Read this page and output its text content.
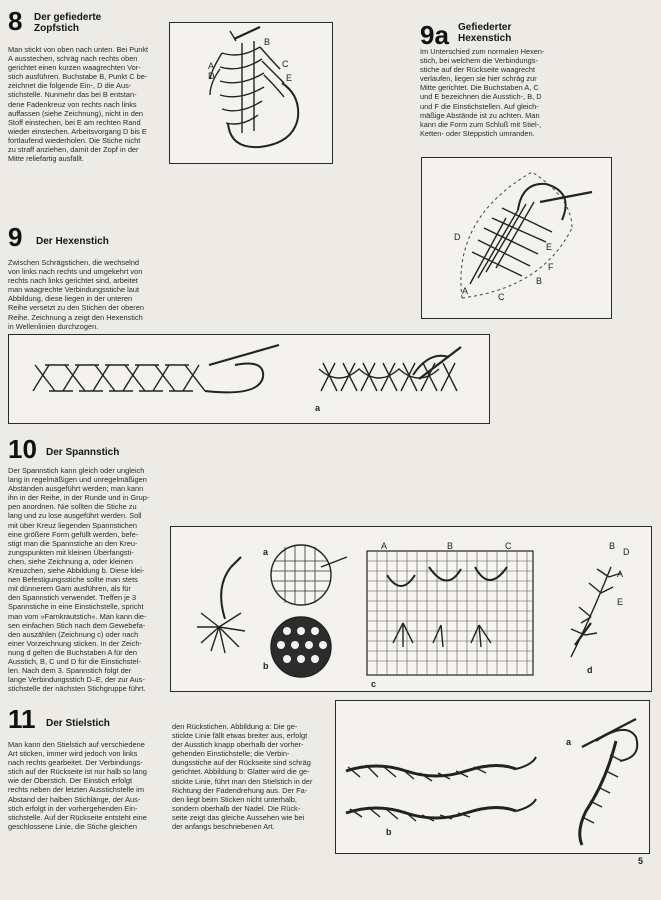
8 Der gefiederte
Zopfstich
Man stickt von oben nach unten. Bei Punkt
A ausstechen, schräg nach rechts oben
gerichtet einen kurzen waagrechten Vor-
stich ausführen. Buchstabe B, Punkt C be-
zeichnet die folgende Ein-, D die Aus-
stichstelle. Nunmehr das bei B entstan-
dene Fadenkreuz von rechts nach links
auffassen (siehe Zeichnung), nicht in den
Stoff einstechen, bei E am rechten Rand
wieder einstechen. Arbeitsvorgang D bis E
fortlaufend wiederholen. Die Stiche nicht
zu straff anziehen, damit der Zopf in der
Mitte reliefartig ausfällt.
B
A
D
C
E
9a Gefiederter
Hexenstich
Im Unterschied zum normalen Hexen-
stich, bei welchem die Verbindungs-
stiche auf der Rückseite waagrecht
verlaufen, liegen sie hier schräg zur
Mitte gerichtet. Die Buchstaben A, C
und E bezeichnen die Ausstich-, B, D
und F die Einstichstellen. Auf gleich-
mäßige Abstände ist zu achten. Man
kann die Form zum Schluß mit Stiel-,
Ketten- oder Steppstich umranden.
D
E
F
B
A
C
9 Der Hexenstich
Zwischen Schrägstichen, die wechselnd
von links nach rechts und umgekehrt von
rechts nach links gerichtet sind, arbeitet
man waagrechte Verbindungsstiche laut
Abbildung, diese liegen in der unteren
Reihe versetzt zu den Stichen der oberen
Reihe. Zeichnung a zeigt den Hexenstich
in Wellenlinien durchzogen.
a
10 Der Spannstich
Der Spannstich kann gleich oder ungleich
lang in regelmäßigen und unregelmäßigen
Abständen ausgeführt werden; man kann
ihn in der Reihe, in der Runde und in Grup-
pen anordnen. Nie sollten die Stiche zu
lang und zu lose ausgeführt werden. Soll
mit über Kreuz liegenden Spannstichen
eine größere Form gefüllt werden, befe-
stigt man die Spannstiche an den Kreu-
zungspunkten mit kleinen Überfangsti-
chen, siehe Zeichnung a, oder kleinen
Kreuzchen, siehe Abbildung b. Diese klei-
nen Befestigungsstiche sollte man stets
mit dünnerem Garn ausführen, als für
den Spannstich verwendet. Treffen je 3
Spannstiche in eine Einstichstelle, spricht
man vom »Farnkrautstich«. Man kann die-
sen einfachen Stich nach dem Gewebefa-
den auszählen (Zeichnung c) oder nach
einer Vorzeichnung sticken. In der Zeich-
nung d gelten die Buchstaben A für den
Ausstich, B, C und D für die Einstichstel-
len. Nach dem 3. Spannstich folgt der
lange Verbindungsstich D–E, der zur Aus-
stichstelle der nächsten Stichgruppe führt.
a
b
A	B	C
c
B
D
A
E
d
11 Der Stielstich
Man kann den Stielstich auf verschiedene
Art sticken, immer wird jedoch von links
nach rechts gearbeitet. Der Verbindungs-
stich auf der Rückseite ist nur halb so lang
wie der Oberstich. Der Einstich erfolgt
rechts neben der letzten Ausstichstelle im
Abstand der halben Stichlänge, der Aus-
stich erfolgt in der vorhergehenden Ein-
stichstelle. Auf der Rückseite entsteht eine
geschlossene Linie, die Stiche gleichen
den Rückstichen. Abbildung a: Die ge-
stickte Linie fällt etwas breiter aus, erfolgt
der Ausstich knapp oberhalb der vorher-
gehenden Einstichstelle; die Verbin-
dungsstiche auf der Rückseite sind schräg
gerichtet. Abbildung b: Glatter wird die ge-
stickte Linie, führt man den Stielstich in der
Richtung der Fadendrehung aus. Der Fa-
den liegt beim Sticken nicht unterhalb,
sondern oberhalb der Nadel. Die Rück-
seite zeigt das gleiche Aussehen wie bei
der anfangs beschriebenen Art.
a
b
5
